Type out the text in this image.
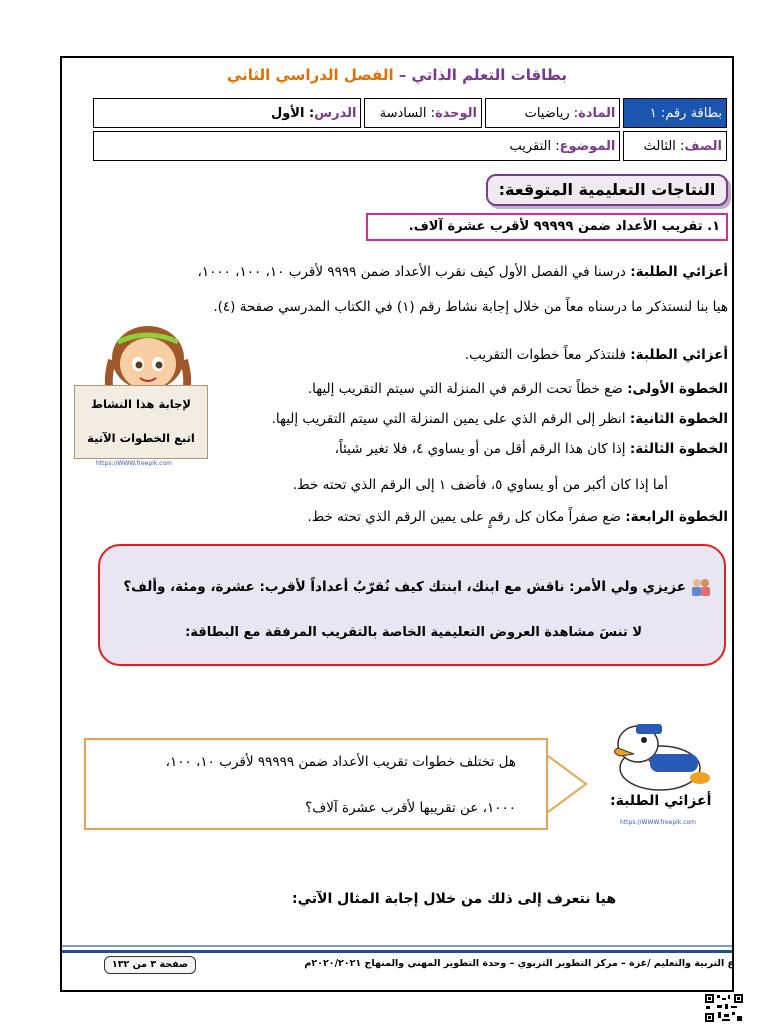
بطاقات التعلم الذاتي – الفصل الدراسي الثاني
بطاقة رقم: ١	المادة: رياضيات	الوحدة: السادسة	الدرس: الأول
الصف: الثالث	الموضوع: التقريب		
النتاجات التعليمية المتوقعة:
١. تقريب الأعداد ضمن ٩٩٩٩٩ لأقرب عشرة آلاف.
أعزائي الطلبة: درسنا في الفصل الأول كيف نقرب الأعداد ضمن ٩٩٩٩ لأقرب ١٠، ١٠٠، ١٠٠٠،
هيا بنا لنستذكر ما درسناه معاً من خلال إجابة نشاط رقم (١) في الكتاب المدرسي صفحة (٤).
أعزائي الطلبة: فلنتذكر معاً خطوات التقريب.
الخطوة الأولى: ضع خطاً تحت الرقم في المنزلة التي سيتم التقريب إليها.
الخطوة الثانية: انظر إلى الرقم الذي على يمين المنزلة التي سيتم التقريب إليها.
الخطوة الثالثة: إذا كان هذا الرقم أقل من أو يساوي ٤، فلا تغير شيئاً،
أما إذا كان أكبر من أو يساوي ٥، فأضف ١ إلى الرقم الذي تحته خط.
الخطوة الرابعة: ضع صفراً مكان كل رقمٍ على يمين الرقم الذي تحته خط.
لإجابة هذا النشاط
اتبع الخطوات الآتية
https://WWW.freepik.com
عزيزي ولي الأمر: ناقش مع ابنك، ابنتك كيف نُقرّبُ أعداداً لأقرب: عشرة، ومئة، وألف؟
لا تنسَ مشاهدة العروض التعليمية الخاصة بالتقريب المرفقة مع البطاقة:
أعزائي الطلبة:
https://WWW.freepik.com
هل تختلف خطوات تقريب الأعداد ضمن ٩٩٩٩٩ لأقرب ١٠، ١٠٠،
١٠٠٠، عن تقريبها لأقرب عشرة آلاف؟
هيا نتعرف إلى ذلك من خلال إجابة المثال الآتي:
صفحة ٣ من ١٣٢	ع التربية والتعليم /غزة – مركز التطوير التربوي – وحدة التطوير المهني والمنهاج ٢٠٢٠/٢٠٢١م
